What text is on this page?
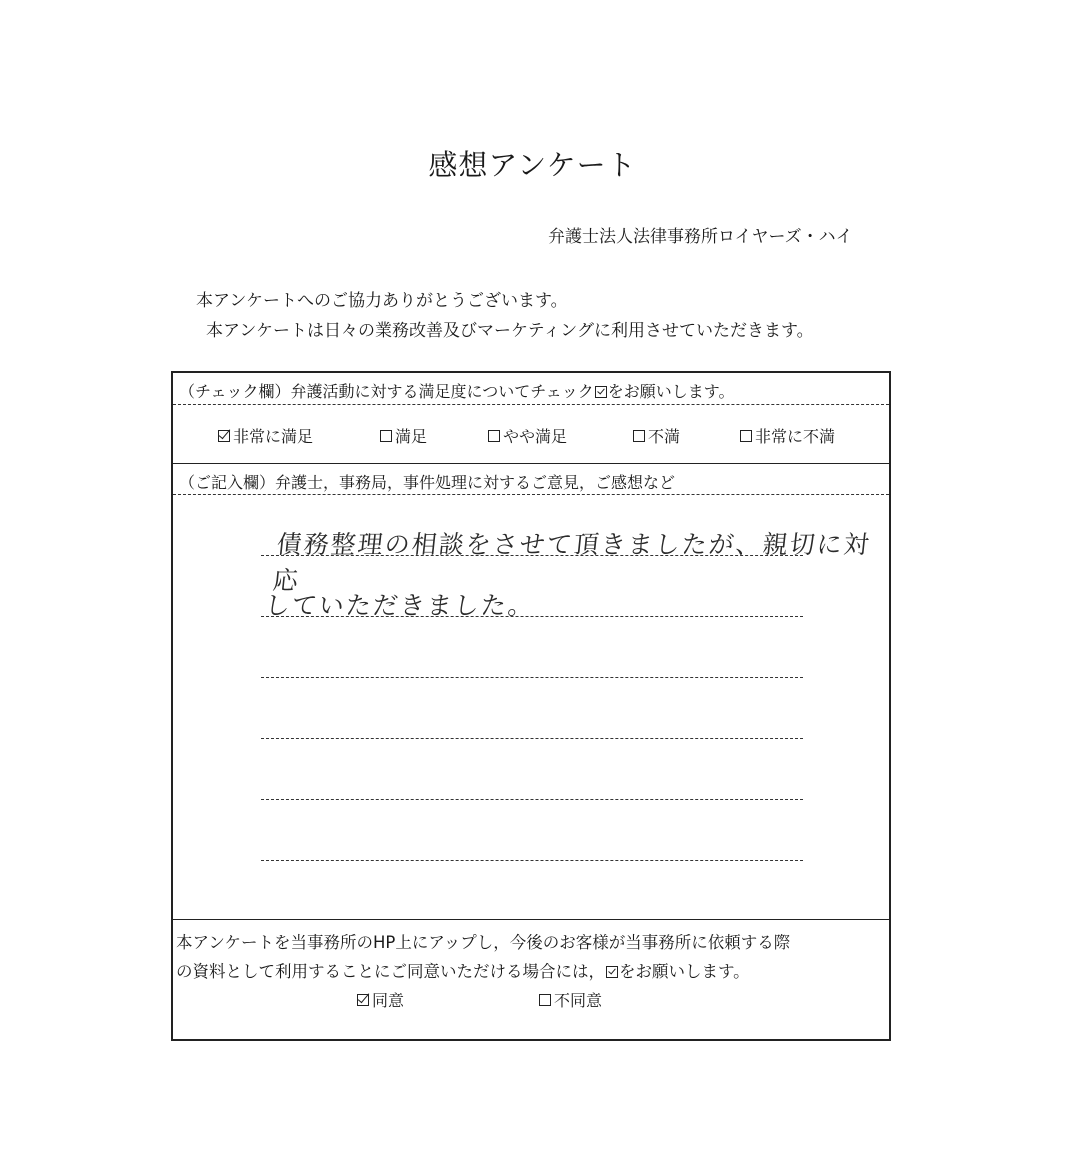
感想アンケート
弁護士法人法律事務所ロイヤーズ・ハイ
本アンケートへのご協力ありがとうございます。
本アンケートは日々の業務改善及びマーケティングに利用させていただきます。
（チェック欄）弁護活動に対する満足度についてチェック をお願いします。
非常に満足	満足	やや満足	不満	非常に不満
（ご記入欄）弁護士，事務局，事件処理に対するご意見，ご感想など
債務整理の相談をさせて頂きましたが、親切に対応
していただきました。
本アンケートを当事務所のHP上にアップし，今後のお客様が当事務所に依頼する際
の資料として利用することにご同意いただける場合には， をお願いします。
同意	不同意
